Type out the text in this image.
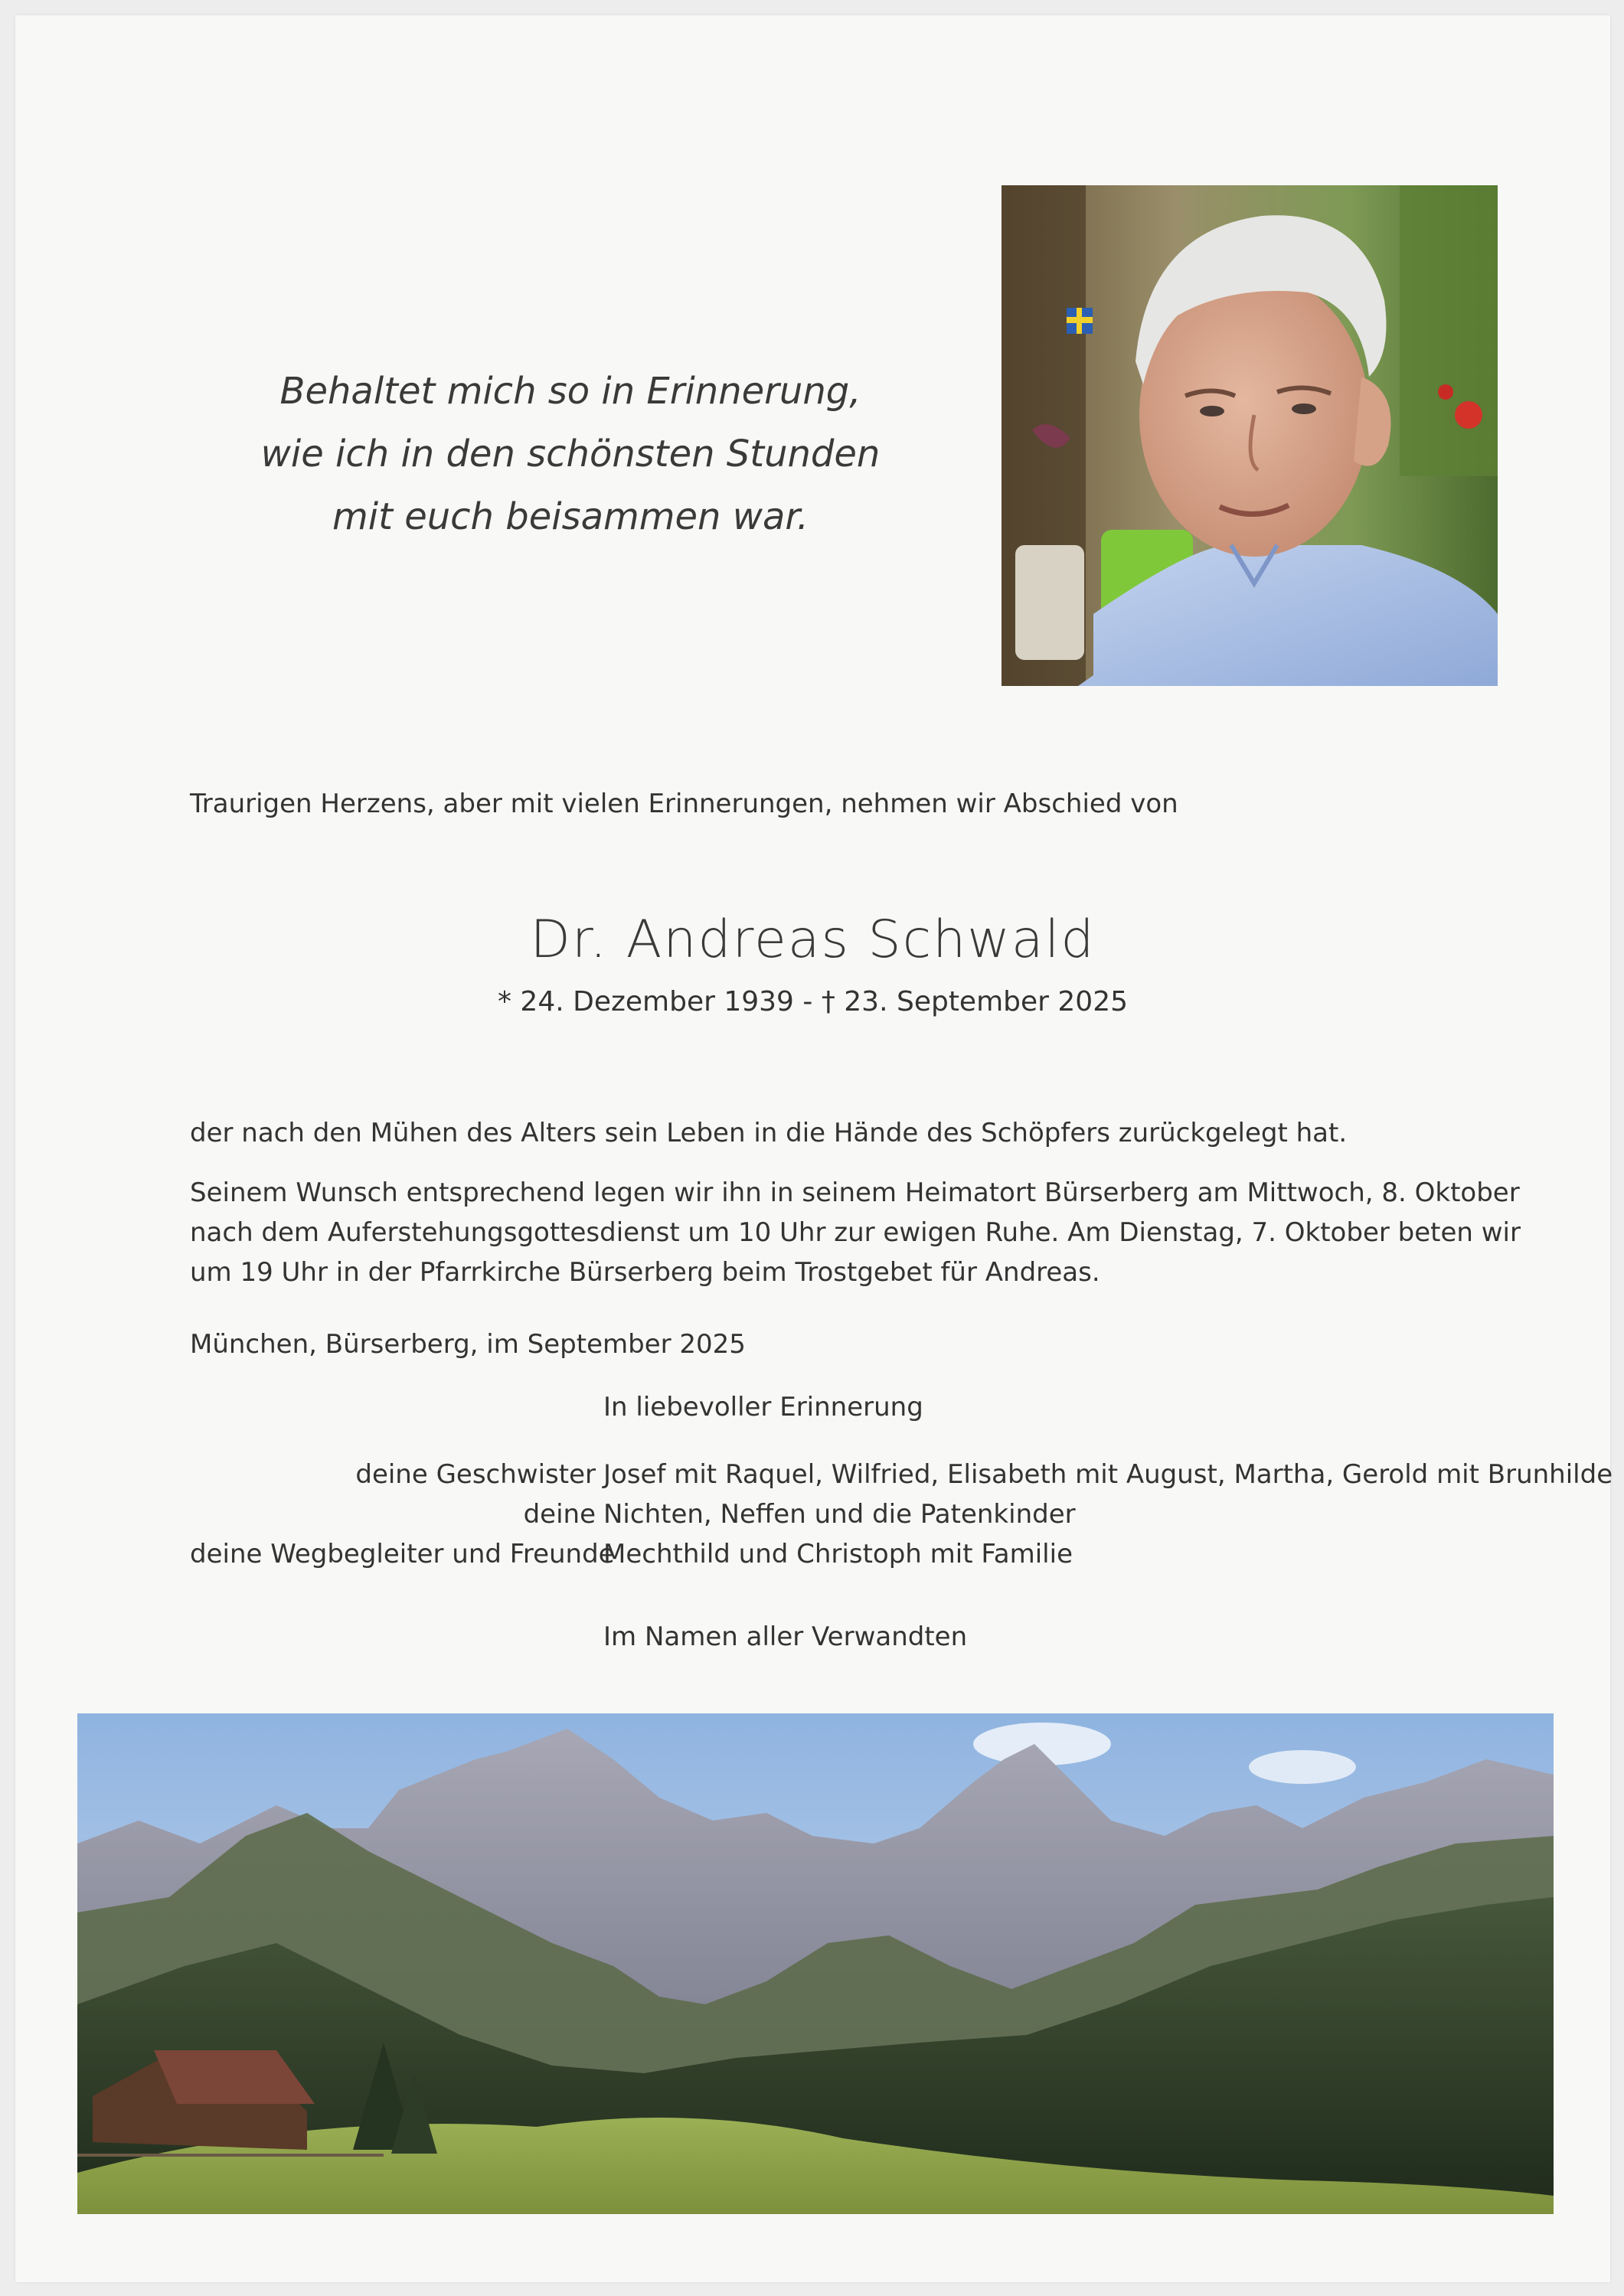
Behaltet mich so in Erinnerung,
wie ich in den schönsten Stunden
mit euch beisammen war.
Traurigen Herzens, aber mit vielen Erinnerungen, nehmen wir Abschied von
Dr. Andreas Schwald
* 24. Dezember 1939 - † 23. September 2025
der nach den Mühen des Alters sein Leben in die Hände des Schöpfers zurückgelegt hat.
Seinem Wunsch entsprechend legen wir ihn in seinem Heimatort Bürserberg am Mittwoch, 8. Oktober
nach dem Auferstehungsgottesdienst um 10 Uhr zur ewigen Ruhe. Am Dienstag, 7. Oktober beten wir
um 19 Uhr in der Pfarrkirche Bürserberg beim Trostgebet für Andreas.
München, Bürserberg, im September 2025
In liebevoller Erinnerung
deine Geschwister Josef mit Raquel, Wilfried, Elisabeth mit August, Martha, Gerold mit Brunhilde
deine Nichten, Neffen und die Patenkinder
deine Wegbegleiter und Freunde
Mechthild und Christoph mit Familie
Im Namen aller Verwandten
